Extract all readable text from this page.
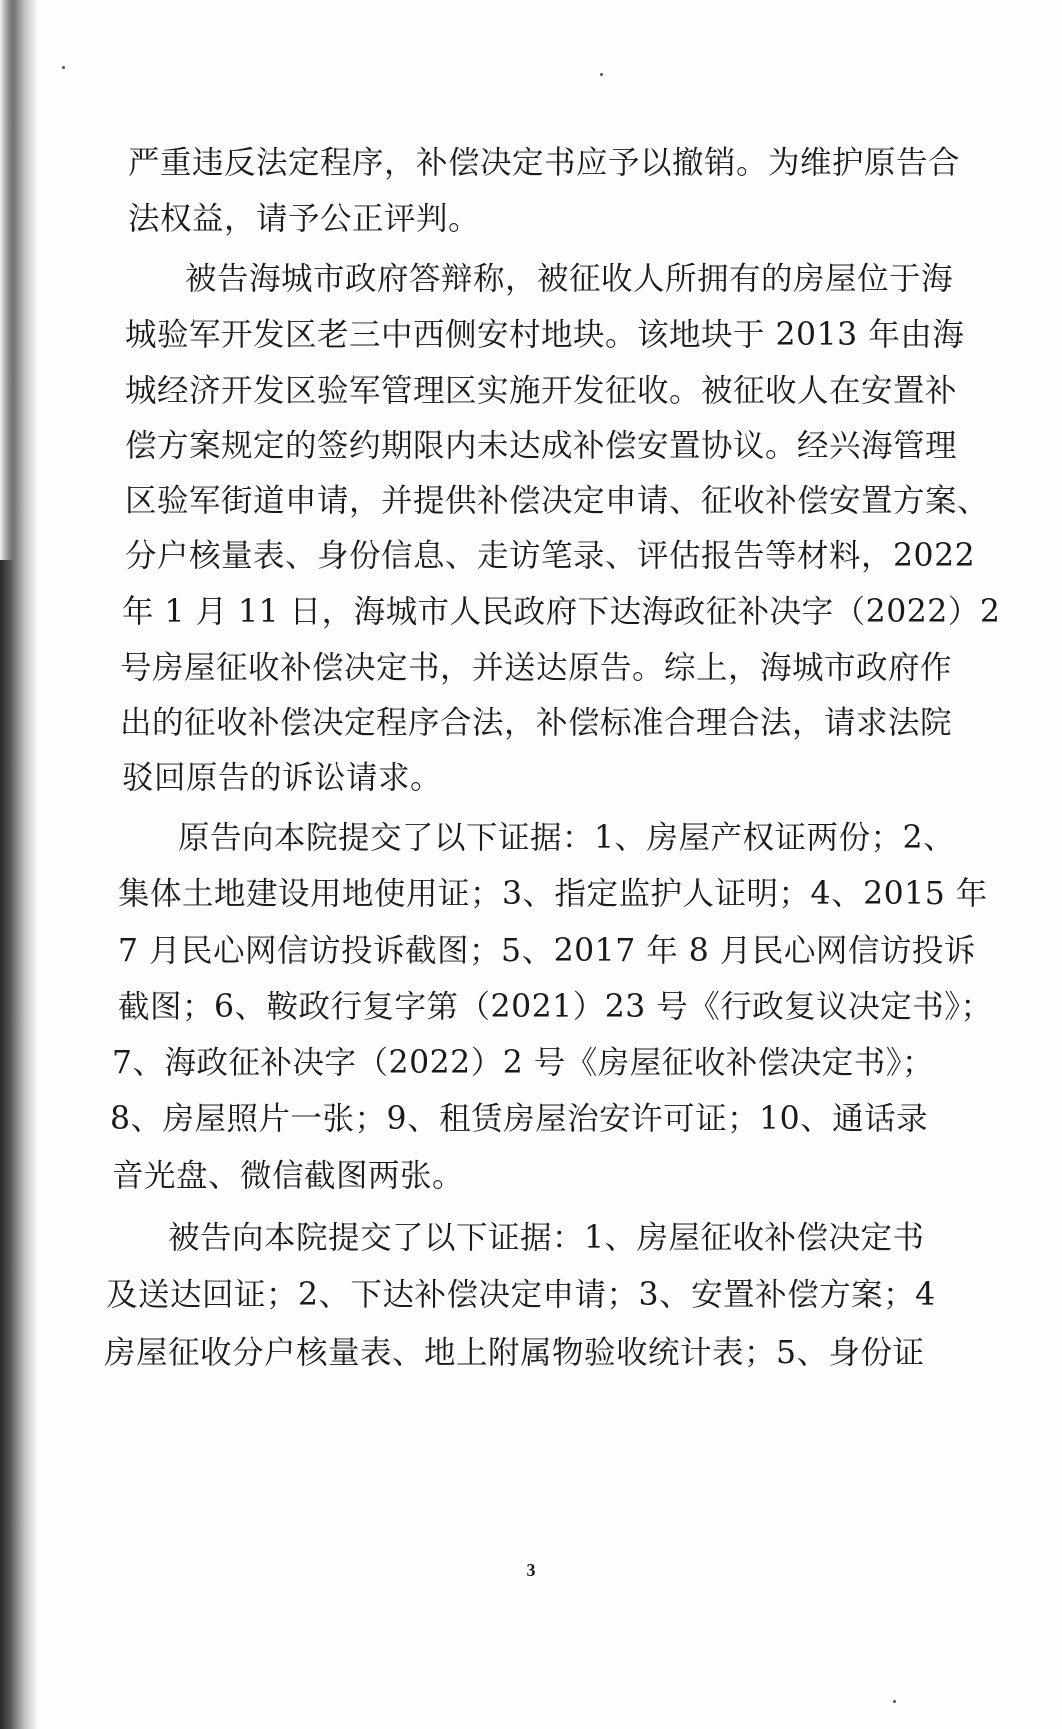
严重违反法定程序，补偿决定书应予以撤销。为维护原告合
法权益，请予公正评判。
被告海城市政府答辩称，被征收人所拥有的房屋位于海
城验军开发区老三中西侧安村地块。该地块于 2013 年由海
城经济开发区验军管理区实施开发征收。被征收人在安置补
偿方案规定的签约期限内未达成补偿安置协议。经兴海管理
区验军街道申请，并提供补偿决定申请、征收补偿安置方案、
分户核量表、身份信息、走访笔录、评估报告等材料，2022
年 1 月 11 日，海城市人民政府下达海政征补决字（2022）2
号房屋征收补偿决定书，并送达原告。综上，海城市政府作
出的征收补偿决定程序合法，补偿标准合理合法，请求法院
驳回原告的诉讼请求。
原告向本院提交了以下证据：1、房屋产权证两份；2、
集体土地建设用地使用证；3、指定监护人证明；4、2015 年
7 月民心网信访投诉截图；5、2017 年 8 月民心网信访投诉
截图；6、鞍政行复字第（2021）23 号《行政复议决定书》；
7、海政征补决字（2022）2 号《房屋征收补偿决定书》；
8、房屋照片一张；9、租赁房屋治安许可证；10、通话录
音光盘、微信截图两张。
被告向本院提交了以下证据：1、房屋征收补偿决定书
及送达回证；2、下达补偿决定申请；3、安置补偿方案；4
房屋征收分户核量表、地上附属物验收统计表；5、身份证
3
